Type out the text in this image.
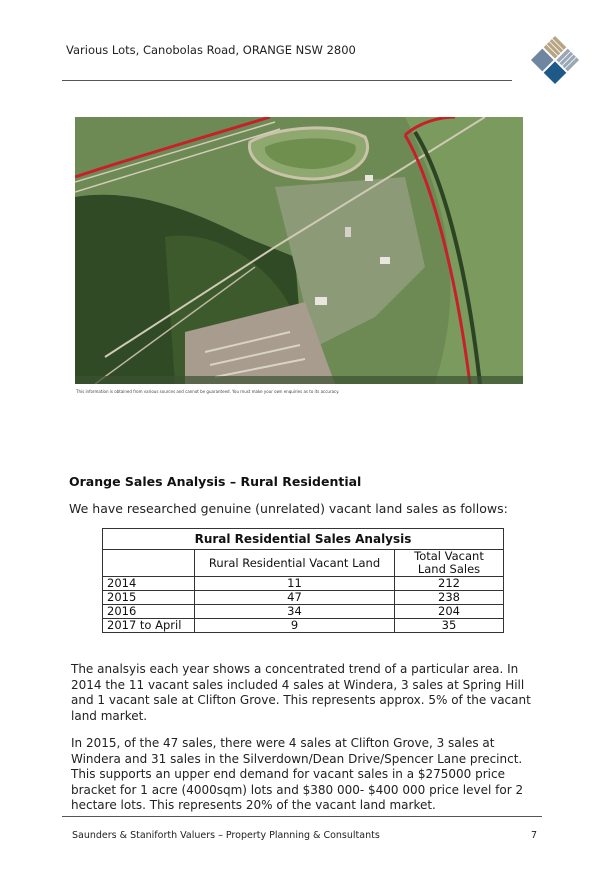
Various Lots, Canobolas Road, ORANGE NSW 2800
This information is obtained from various sources and cannot be guaranteed. You must make your own enquiries as to its accuracy.
Orange Sales Analysis – Rural Residential
We have researched genuine (unrelated) vacant land sales as follows:
Rural Residential Sales Analysis		
	Rural Residential Vacant Land	Total Vacant Land Sales
2014	11	212
2015	47	238
2016	34	204
2017 to April	9	35
The analsyis each year shows a concentrated trend of a particular area. In 2014 the 11 vacant sales included 4 sales at Windera, 3 sales at Spring Hill and 1 vacant sale at Clifton Grove. This represents approx. 5% of the vacant land market.
In 2015, of the 47 sales, there were 4 sales at Clifton Grove, 3 sales at Windera and 31 sales in the Silverdown/Dean Drive/Spencer Lane precinct. This supports an upper end demand for vacant sales in a $275000 price bracket for 1 acre (4000sqm) lots and $380 000- $400 000 price level for 2 hectare lots. This represents 20% of the vacant land market.
Saunders & Staniforth Valuers – Property Planning & Consultants	7
